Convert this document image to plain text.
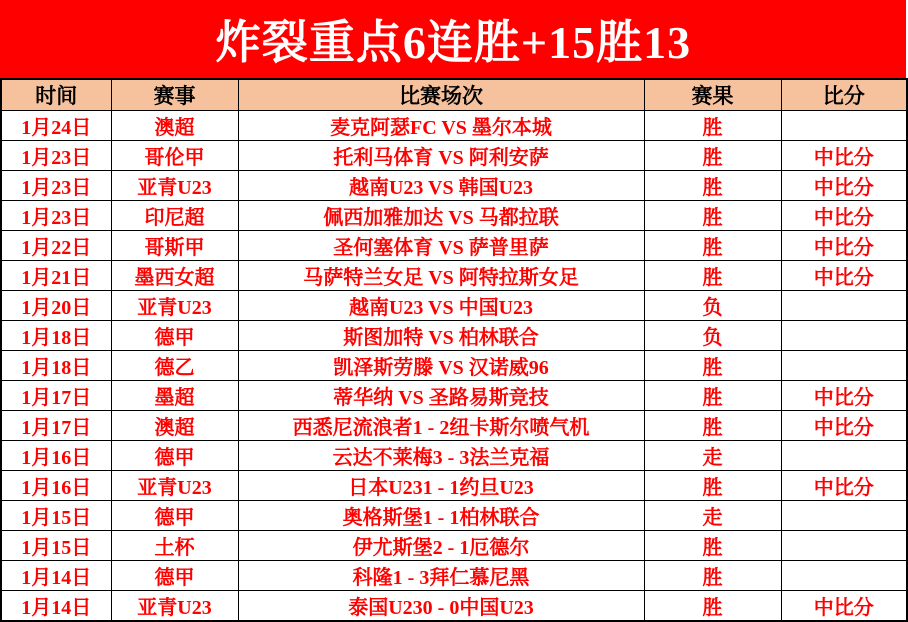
炸裂重点6连胜+15胜13
时间	赛事	比赛场次	赛果	比分
1月24日	澳超	麦克阿瑟FC VS 墨尔本城	胜	
1月23日	哥伦甲	托利马体育 VS 阿利安萨	胜	中比分
1月23日	亚青U23	越南U23 VS 韩国U23	胜	中比分
1月23日	印尼超	佩西加雅加达 VS 马都拉联	胜	中比分
1月22日	哥斯甲	圣何塞体育 VS 萨普里萨	胜	中比分
1月21日	墨西女超	马萨特兰女足 VS 阿特拉斯女足	胜	中比分
1月20日	亚青U23	越南U23 VS 中国U23	负	
1月18日	德甲	斯图加特 VS 柏林联合	负	
1月18日	德乙	凯泽斯劳滕 VS 汉诺威96	胜	
1月17日	墨超	蒂华纳 VS 圣路易斯竞技	胜	中比分
1月17日	澳超	西悉尼流浪者1 - 2纽卡斯尔喷气机	胜	中比分
1月16日	德甲	云达不莱梅3 - 3法兰克福	走	
1月16日	亚青U23	日本U231 - 1约旦U23	胜	中比分
1月15日	德甲	奥格斯堡1 - 1柏林联合	走	
1月15日	土杯	伊尤斯堡2 - 1厄德尔	胜	
1月14日	德甲	科隆1 - 3拜仁慕尼黑	胜	
1月14日	亚青U23	泰国U230 - 0中国U23	胜	中比分
